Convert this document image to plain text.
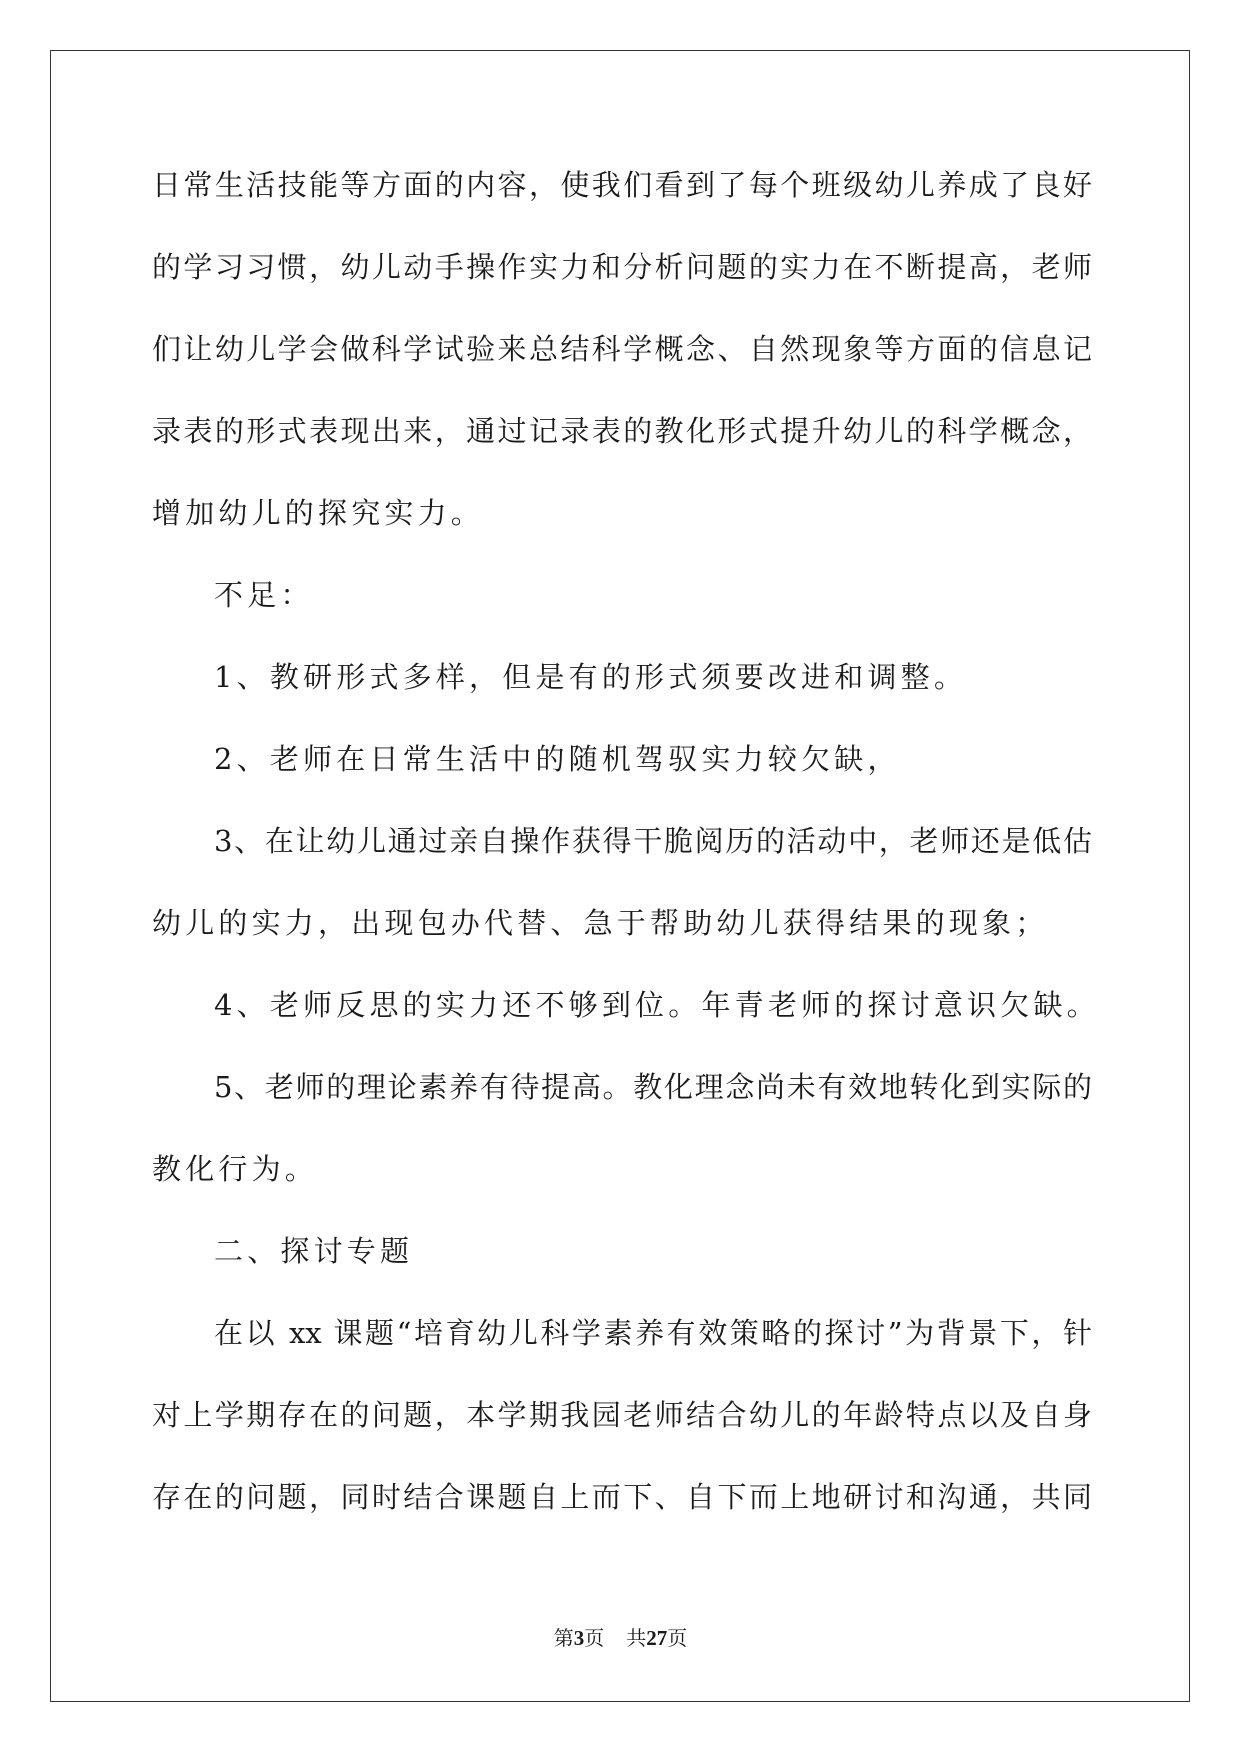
日常生活技能等方面的内容，使我们看到了每个班级幼儿养成了良好
的学习习惯，幼儿动手操作实力和分析问题的实力在不断提高，老师
们让幼儿学会做科学试验来总结科学概念、自然现象等方面的信息记
录表的形式表现出来，通过记录表的教化形式提升幼儿的科学概念，
增加幼儿的探究实力。
不足：
1、教研形式多样，但是有的形式须要改进和调整。
2、老师在日常生活中的随机驾驭实力较欠缺，
3、在让幼儿通过亲自操作获得干脆阅历的活动中，老师还是低估
幼儿的实力，出现包办代替、急于帮助幼儿获得结果的现象；
4、老师反思的实力还不够到位。年青老师的探讨意识欠缺。
5、老师的理论素养有待提高。教化理念尚未有效地转化到实际的
教化行为。
二、探讨专题
在以 xx 课题“培育幼儿科学素养有效策略的探讨”为背景下，针
对上学期存在的问题，本学期我园老师结合幼儿的年龄特点以及自身
存在的问题，同时结合课题自上而下、自下而上地研讨和沟通，共同
第3页 共27页
